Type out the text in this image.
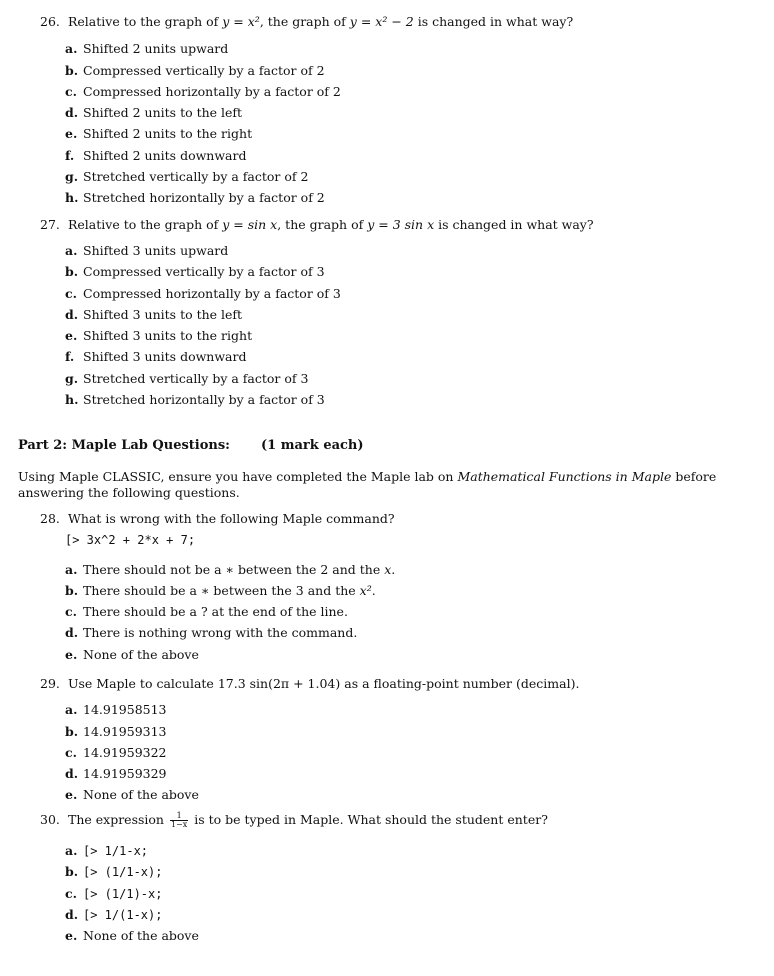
26. Relative to the graph of y = x², the graph of y = x² − 2 is changed in what way?
a. Shifted 2 units upward
b. Compressed vertically by a factor of 2
c. Compressed horizontally by a factor of 2
d. Shifted 2 units to the left
e. Shifted 2 units to the right
f. Shifted 2 units downward
g. Stretched vertically by a factor of 2
h. Stretched horizontally by a factor of 2
27. Relative to the graph of y = sin x, the graph of y = 3 sin x is changed in what way?
a. Shifted 3 units upward
b. Compressed vertically by a factor of 3
c. Compressed horizontally by a factor of 3
d. Shifted 3 units to the left
e. Shifted 3 units to the right
f. Shifted 3 units downward
g. Stretched vertically by a factor of 3
h. Stretched horizontally by a factor of 3
Part 2: Maple Lab Questions: (1 mark each)
Using Maple CLASSIC, ensure you have completed the Maple lab on Mathematical Functions in Maple before answering the following questions.
28. What is wrong with the following Maple command?
[> 3x^2 + 2*x + 7;
a. There should not be a ∗ between the 2 and the x.
b. There should be a ∗ between the 3 and the x².
c. There should be a ? at the end of the line.
d. There is nothing wrong with the command.
e. None of the above
29. Use Maple to calculate 17.3 sin(2π + 1.04) as a floating-point number (decimal).
a. 14.91958513
b. 14.91959313
c. 14.91959322
d. 14.91959329
e. None of the above
30. The expression $\frac{1}{1-x}$ is to be typed in Maple. What should the student enter?
a. [> 1/1-x;
b. [> (1/1-x);
c. [> (1/1)-x;
d. [> 1/(1-x);
e. None of the above
